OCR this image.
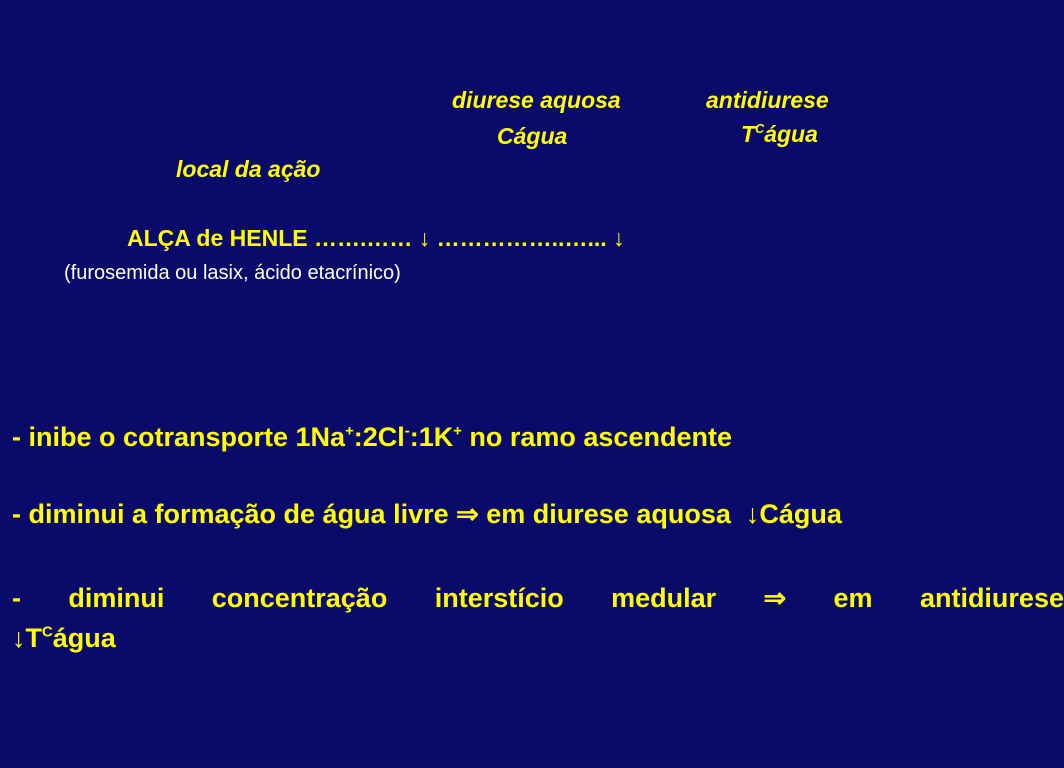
diurese aquosa	antidiurese
Cágua	$T^Cágua$
local da ação
ALÇA de HENLE …….…… ↓ ……………..…... ↓
(furosemida ou lasix, ácido etacrínico)
- inibe o cotransporte 1Na+:2Cl-:1K+ no ramo ascendente
- diminui a formação de água livre ⇒ em diurese aquosa  ↓Cágua
- diminui concentração interstício medular ⇒ em antidiurese
$↓T^Cágua$
